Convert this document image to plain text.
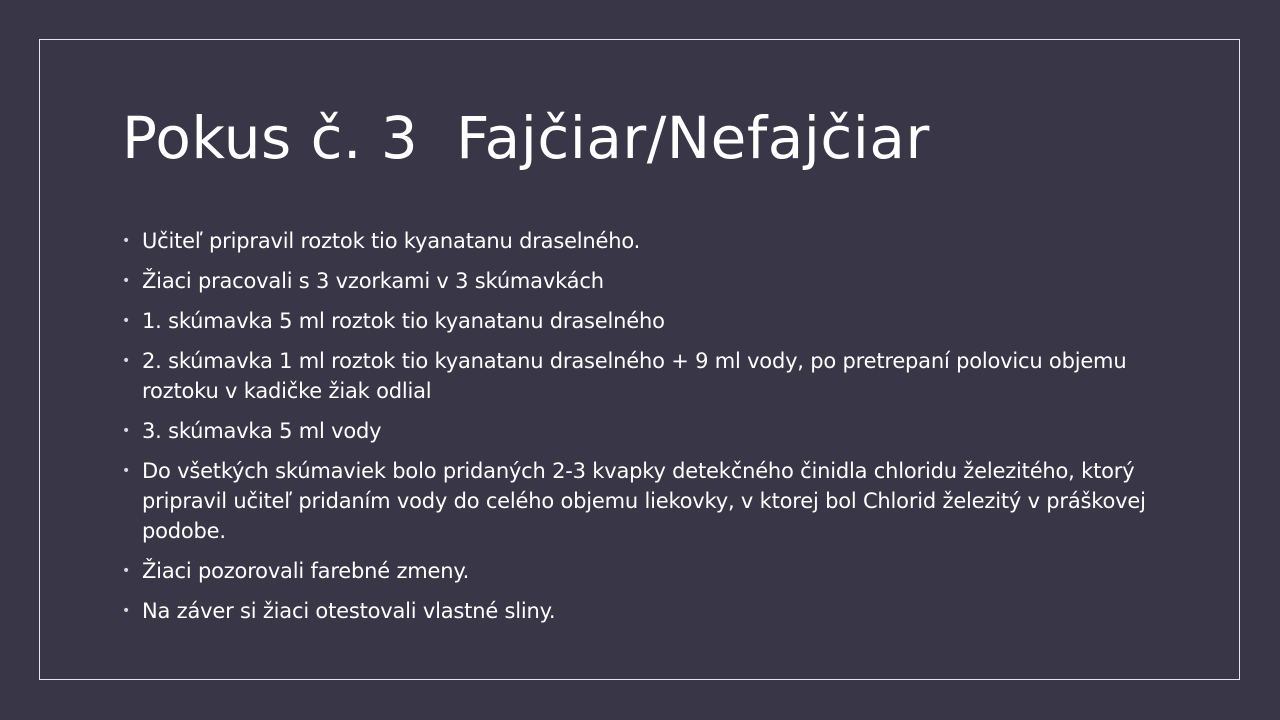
Pokus č. 3  Fajčiar/Nefajčiar
• Učiteľ pripravil roztok tio kyanatanu draselného.
• Žiaci pracovali s 3 vzorkami v 3 skúmavkách
• 1. skúmavka 5 ml roztok tio kyanatanu draselného
• 2. skúmavka 1 ml roztok tio kyanatanu draselného + 9 ml vody, po pretrepaní polovicu objemu roztoku v kadičke žiak odlial
• 3. skúmavka 5 ml vody
• Do všetkých skúmaviek bolo pridaných 2-3 kvapky detekčného činidla chloridu železitého, ktorý pripravil učiteľ pridaním vody do celého objemu liekovky, v ktorej bol Chlorid železitý v práškovej podobe.
• Žiaci pozorovali farebné zmeny.
• Na záver si žiaci otestovali vlastné sliny.
